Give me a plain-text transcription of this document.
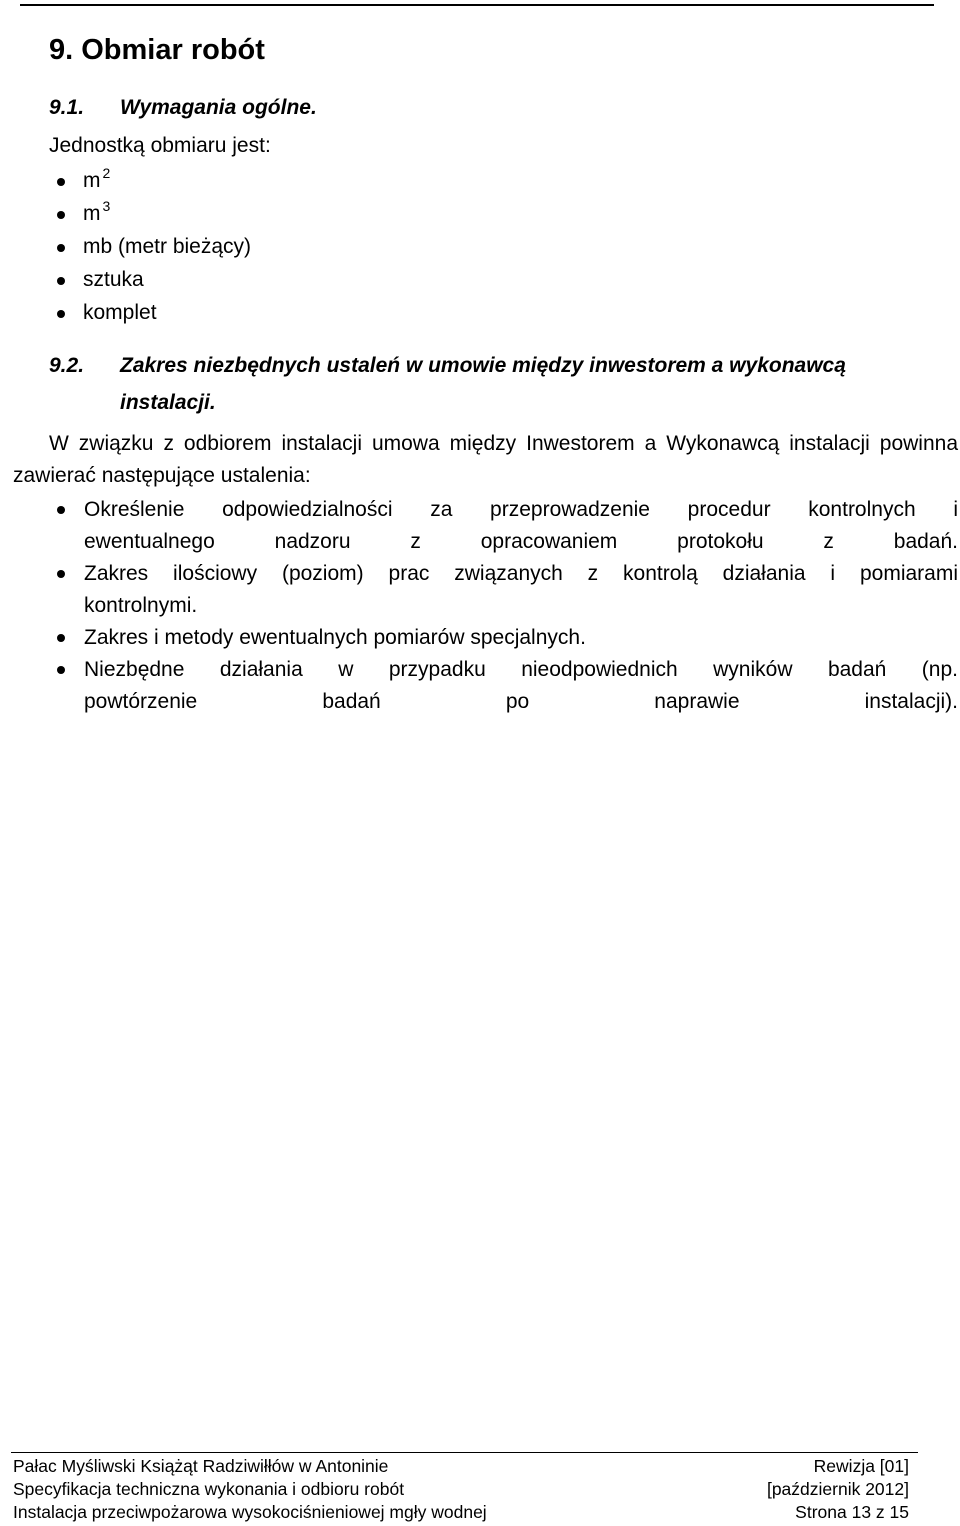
9. Obmiar robót
9.1. Wymagania ogólne.
Jednostką obmiaru jest:
m $^2$
m $^3$
mb (metr bieżący)
sztuka
komplet
9.2. Zakres niezbędnych ustaleń w umowie między inwestorem a wykonawcą
instalacji.

W związku z odbiorem instalacji umowa między Inwestorem a Wykonawcą instalacji powinna zawierać następujące ustalenia:

Określenie odpowiedzialności za przeprowadzenie procedur kontrolnych i
ewentualnego nadzoru z opracowaniem protokołu z badań.
Zakres ilościowy (poziom) prac związanych z kontrolą działania i pomiarami
kontrolnymi.
Zakres i metody ewentualnych pomiarów specjalnych.
Niezbędne działania w przypadku nieodpowiednich wyników badań (np.
powtórzenie badań po naprawie instalacji).
Pałac Myśliwski Książąt Radziwiłłów w Antoninie	Rewizja [01]
Specyfikacja techniczna wykonania i odbioru robót	[październik 2012]
Instalacja przeciwpożarowa wysokociśnieniowej mgły wodnej	Strona 13 z 15
